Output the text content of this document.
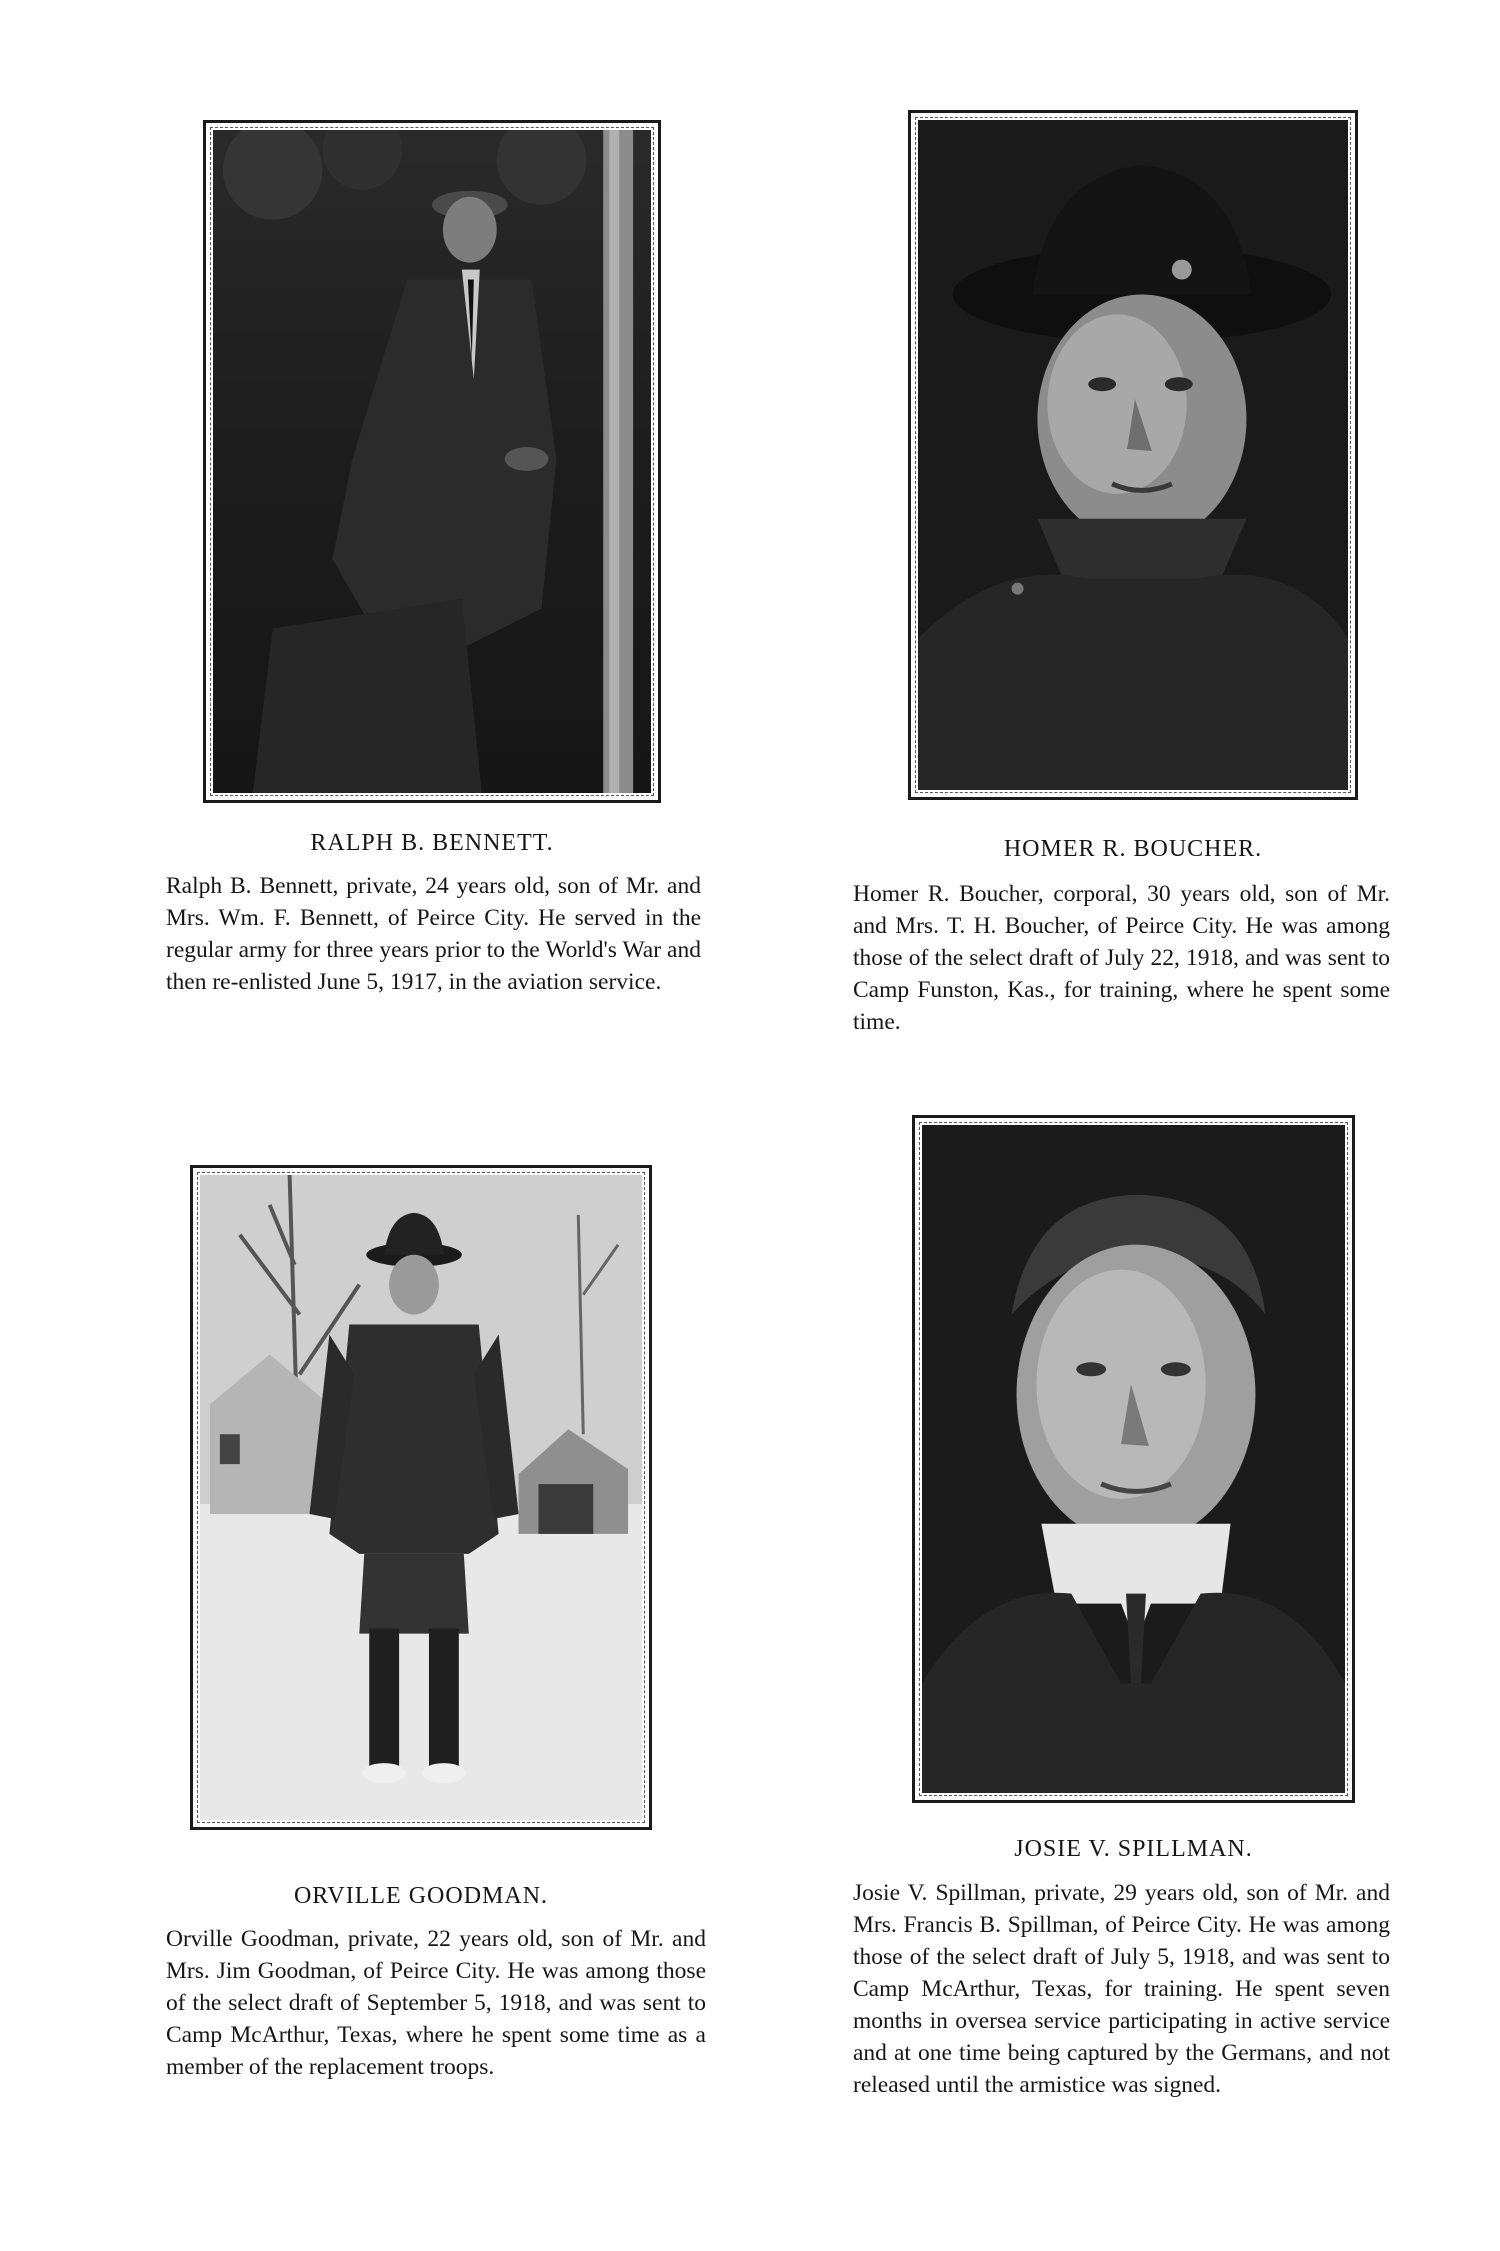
RALPH B. BENNETT.

Ralph B. Bennett, private, 24 years old, son of Mr. and Mrs. Wm. F. Bennett, of Peirce City. He served in the regular army for three years prior to the World's War and then re-enlisted June 5, 1917, in the aviation service.

HOMER R. BOUCHER.

Homer R. Boucher, corporal, 30 years old, son of Mr. and Mrs. T. H. Boucher, of Peirce City. He was among those of the select draft of July 22, 1918, and was sent to Camp Funston, Kas., for training, where he spent some time.

ORVILLE GOODMAN.

Orville Goodman, private, 22 years old, son of Mr. and Mrs. Jim Goodman, of Peirce City. He was among those of the select draft of September 5, 1918, and was sent to Camp McArthur, Texas, where he spent some time as a member of the replacement troops.

JOSIE V. SPILLMAN.

Josie V. Spillman, private, 29 years old, son of Mr. and Mrs. Francis B. Spillman, of Peirce City. He was among those of the select draft of July 5, 1918, and was sent to Camp McArthur, Texas, for training. He spent seven months in oversea service participating in active service and at one time being captured by the Germans, and not released until the armistice was signed.
